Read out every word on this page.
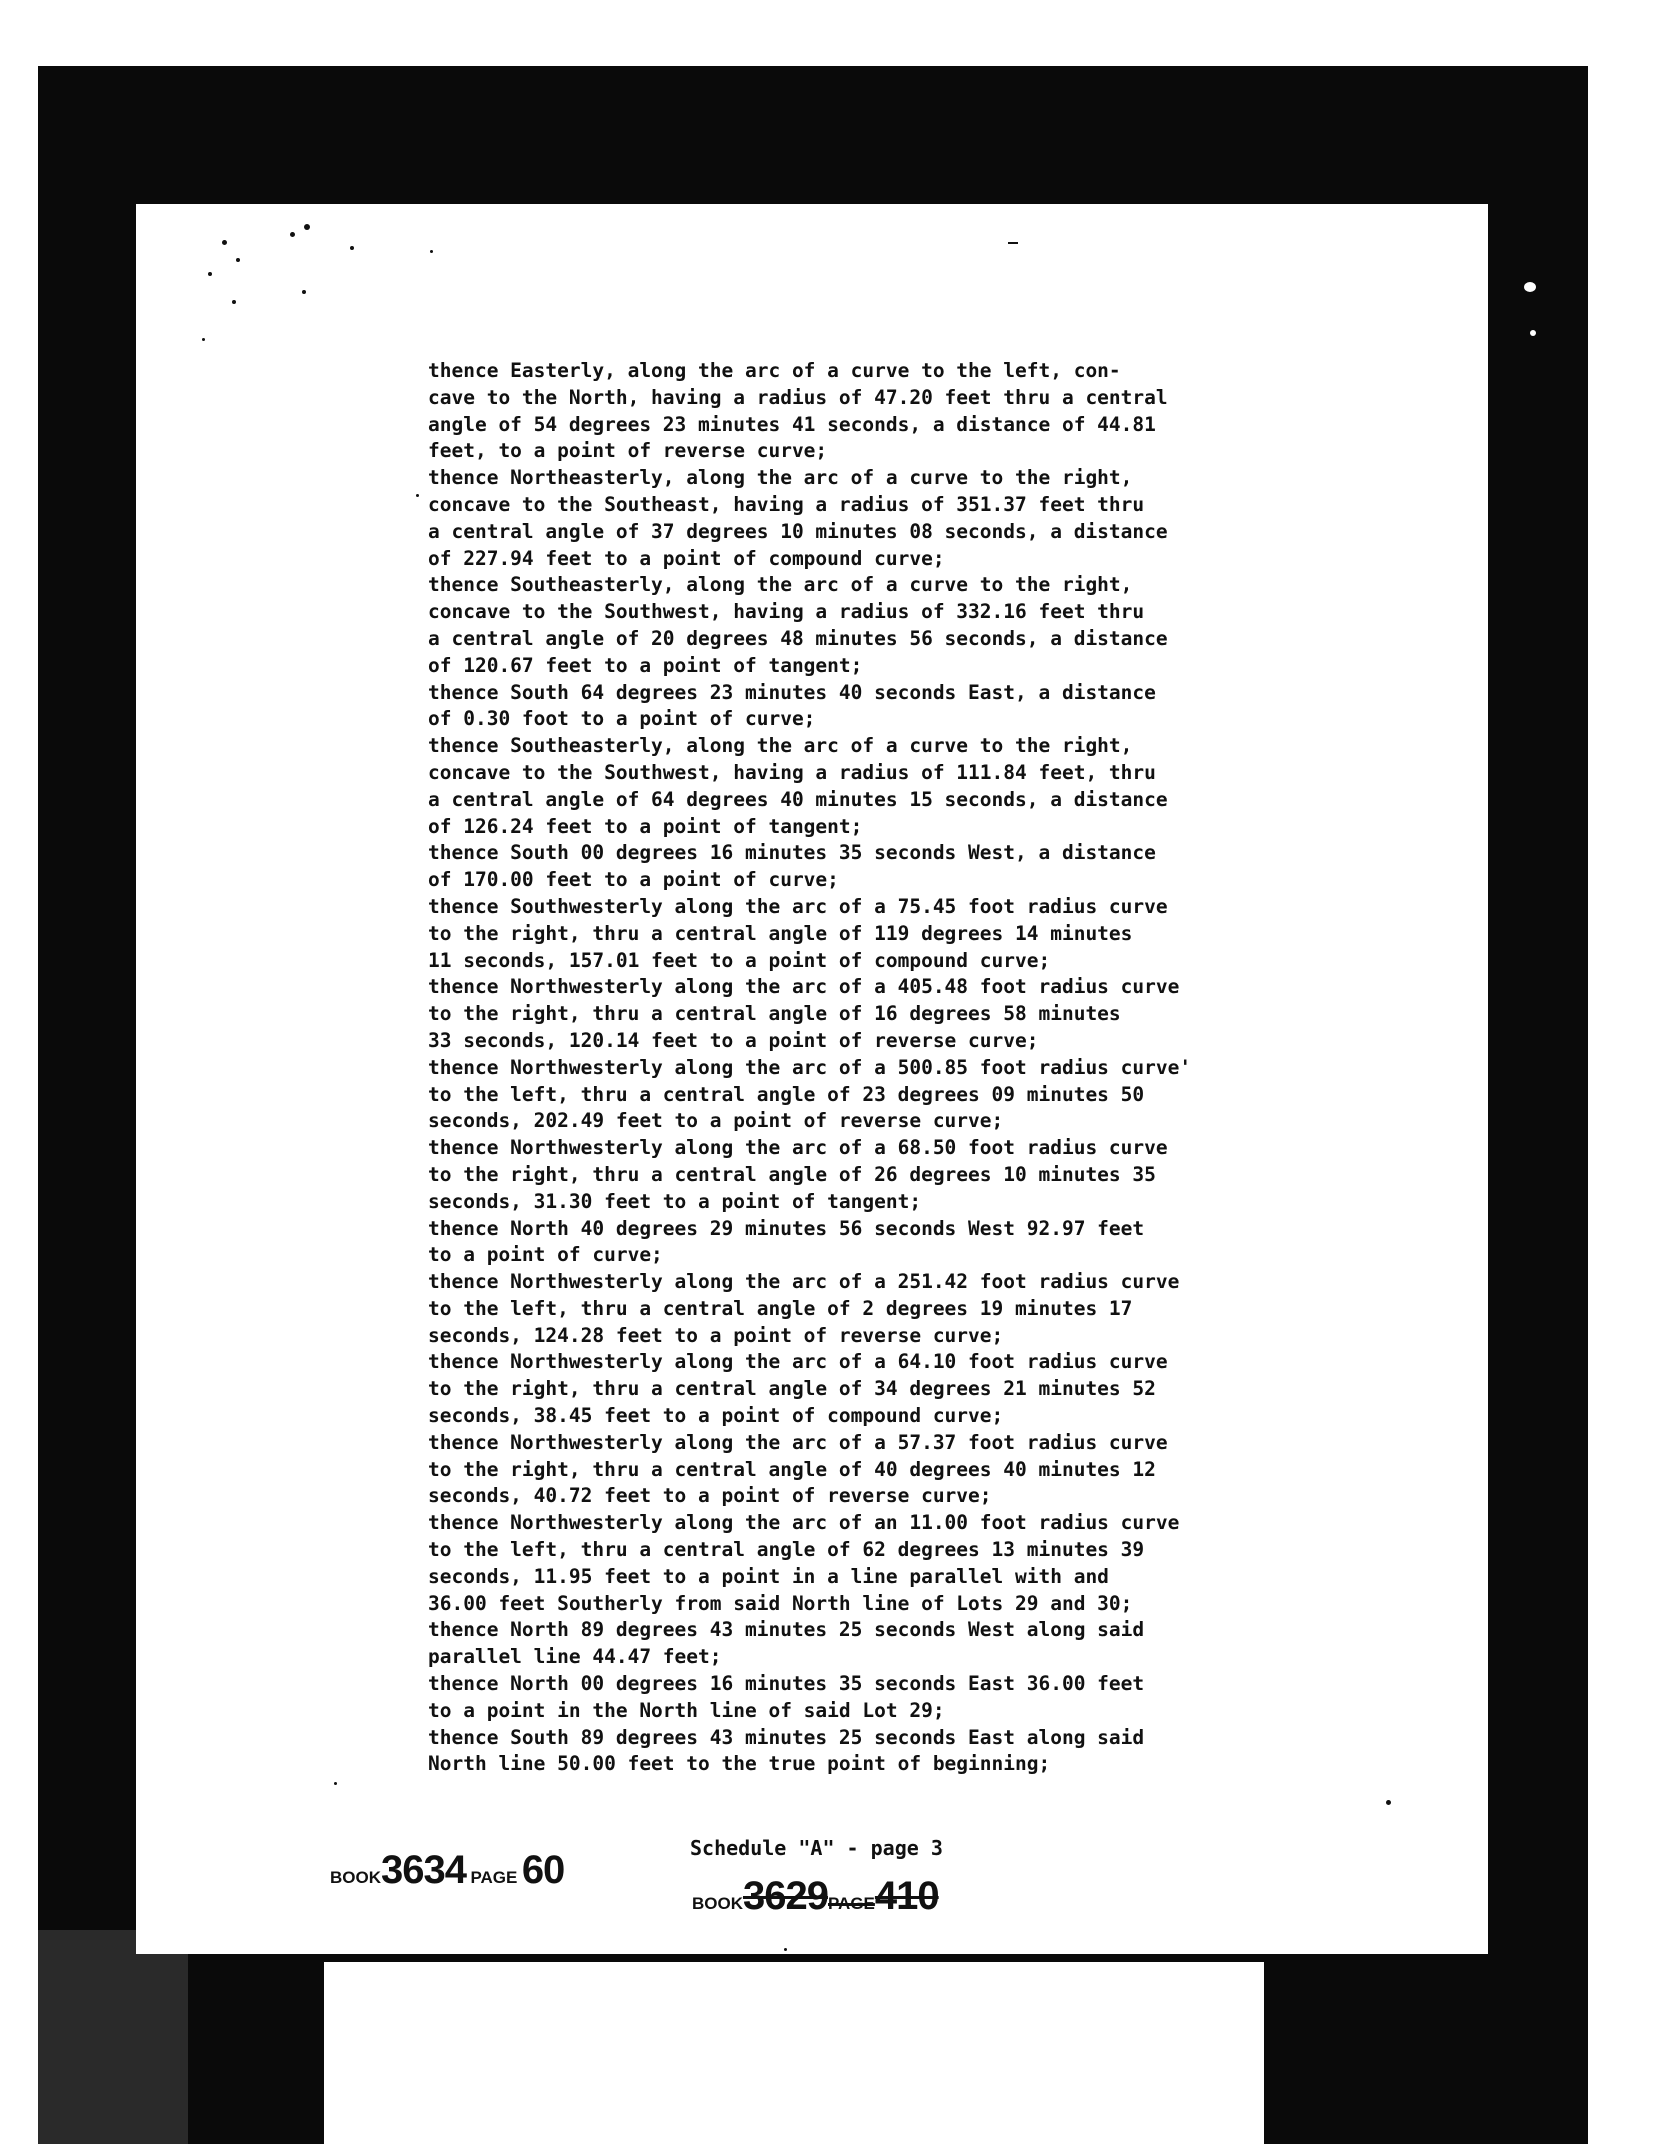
thence Easterly, along the arc of a curve to the left, con-
cave to the North, having a radius of 47.20 feet thru a central
angle of 54 degrees 23 minutes 41 seconds, a distance of 44.81
feet, to a point of reverse curve;
thence Northeasterly, along the arc of a curve to the right,
concave to the Southeast, having a radius of 351.37 feet thru
a central angle of 37 degrees 10 minutes 08 seconds, a distance
of 227.94 feet to a point of compound curve;
thence Southeasterly, along the arc of a curve to the right,
concave to the Southwest, having a radius of 332.16 feet thru
a central angle of 20 degrees 48 minutes 56 seconds, a distance
of 120.67 feet to a point of tangent;
thence South 64 degrees 23 minutes 40 seconds East, a distance
of 0.30 foot to a point of curve;
thence Southeasterly, along the arc of a curve to the right,
concave to the Southwest, having a radius of 111.84 feet, thru
a central angle of 64 degrees 40 minutes 15 seconds, a distance
of 126.24 feet to a point of tangent;
thence South 00 degrees 16 minutes 35 seconds West, a distance
of 170.00 feet to a point of curve;
thence Southwesterly along the arc of a 75.45 foot radius curve
to the right, thru a central angle of 119 degrees 14 minutes
11 seconds, 157.01 feet to a point of compound curve;
thence Northwesterly along the arc of a 405.48 foot radius curve
to the right, thru a central angle of 16 degrees 58 minutes
33 seconds, 120.14 feet to a point of reverse curve;
thence Northwesterly along the arc of a 500.85 foot radius curve'
to the left, thru a central angle of 23 degrees 09 minutes 50
seconds, 202.49 feet to a point of reverse curve;
thence Northwesterly along the arc of a 68.50 foot radius curve
to the right, thru a central angle of 26 degrees 10 minutes 35
seconds, 31.30 feet to a point of tangent;
thence North 40 degrees 29 minutes 56 seconds West 92.97 feet
to a point of curve;
thence Northwesterly along the arc of a 251.42 foot radius curve
to the left, thru a central angle of 2 degrees 19 minutes 17
seconds, 124.28 feet to a point of reverse curve;
thence Northwesterly along the arc of a 64.10 foot radius curve
to the right, thru a central angle of 34 degrees 21 minutes 52
seconds, 38.45 feet to a point of compound curve;
thence Northwesterly along the arc of a 57.37 foot radius curve
to the right, thru a central angle of 40 degrees 40 minutes 12
seconds, 40.72 feet to a point of reverse curve;
thence Northwesterly along the arc of an 11.00 foot radius curve
to the left, thru a central angle of 62 degrees 13 minutes 39
seconds, 11.95 feet to a point in a line parallel with and
36.00 feet Southerly from said North line of Lots 29 and 30;
thence North 89 degrees 43 minutes 25 seconds West along said
parallel line 44.47 feet;
thence North 00 degrees 16 minutes 35 seconds East 36.00 feet
to a point in the North line of said Lot 29;
thence South 89 degrees 43 minutes 25 seconds East along said
North line 50.00 feet to the true point of beginning;

Schedule "A" - page 3
BOOK3634 PAGE 60
BOOK3629PAGE410
